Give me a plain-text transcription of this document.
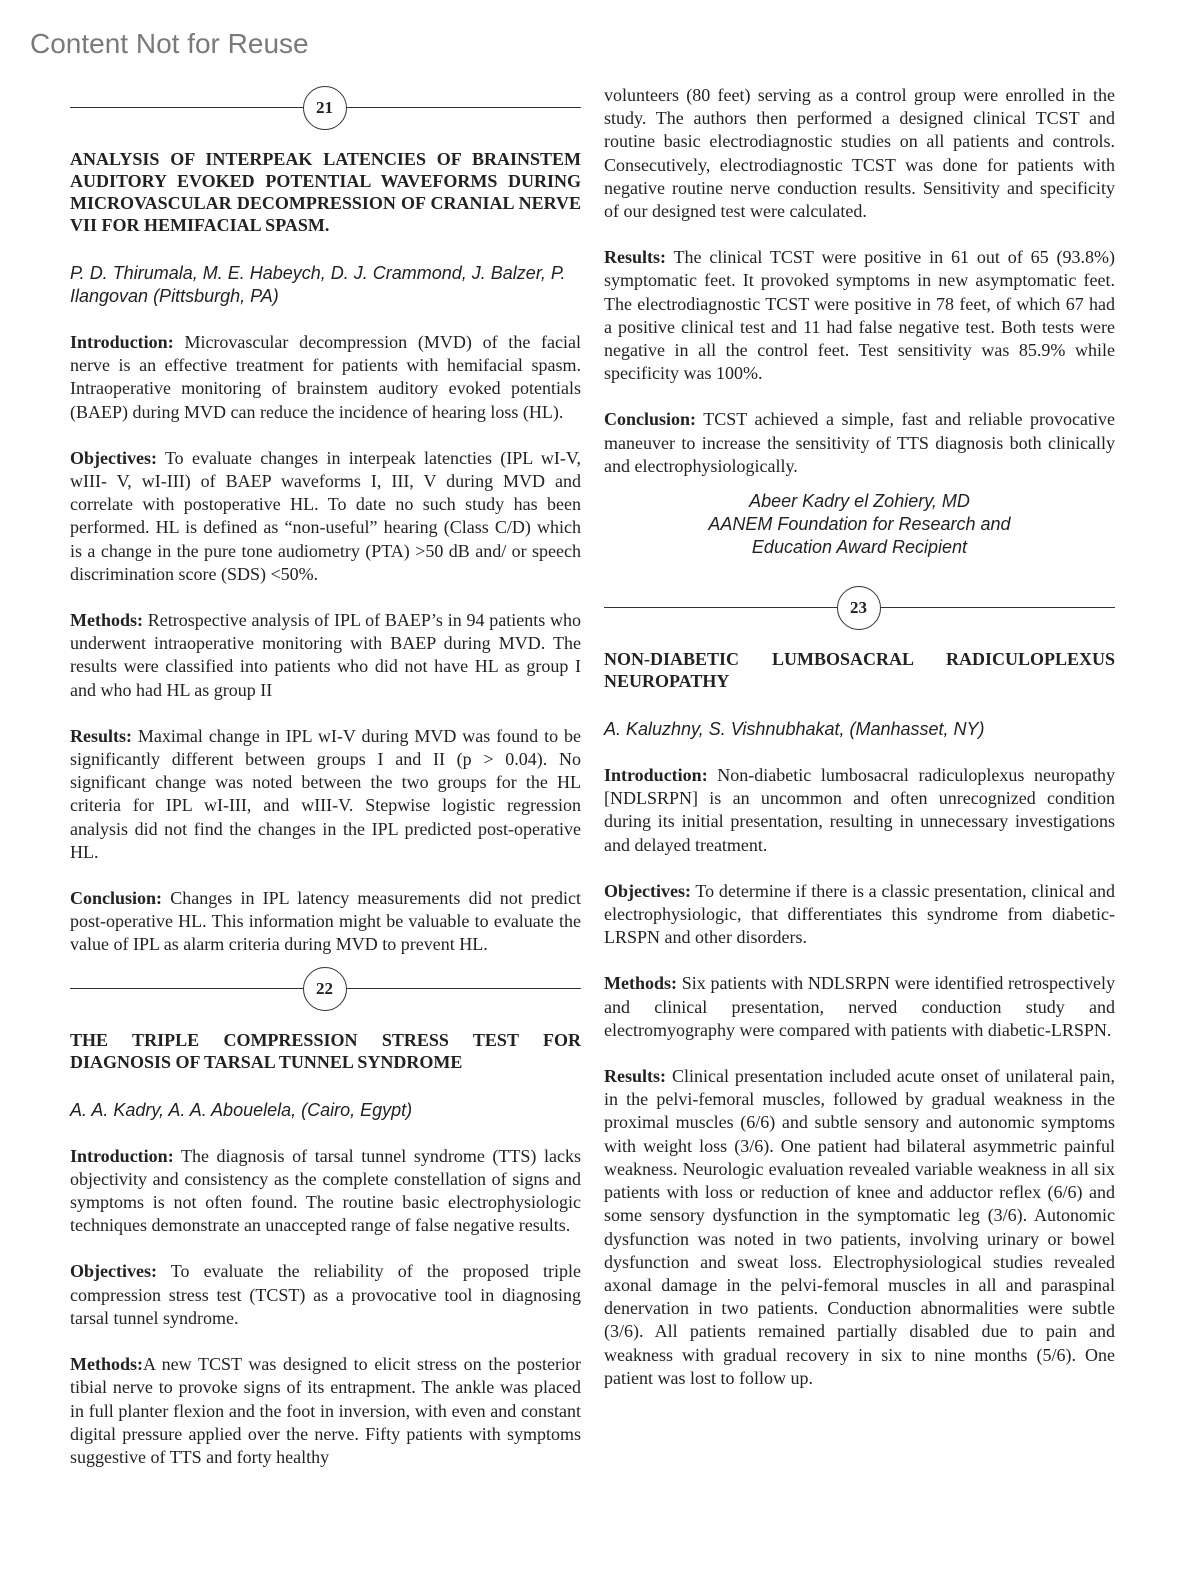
Content Not for Reuse
21
ANALYSIS OF INTERPEAK LATENCIES OF BRAINSTEM AUDITORY EVOKED POTENTIAL WAVEFORMS DURING MICROVASCULAR DECOMPRESSION OF CRANIAL NERVE VII FOR HEMIFACIAL SPASM.
P. D. Thirumala, M. E. Habeych, D. J. Crammond, J. Balzer, P. Ilangovan (Pittsburgh, PA)

Introduction: Microvascular decompression (MVD) of the facial nerve is an effective treatment for patients with hemifacial spasm. Intraoperative monitoring of brainstem auditory evoked potentials (BAEP) during MVD can reduce the incidence of hearing loss (HL).

Objectives: To evaluate changes in interpeak latencties (IPL wI-V, wIII- V, wI-III) of BAEP waveforms I, III, V during MVD and correlate with postoperative HL. To date no such study has been performed. HL is defined as “non-useful” hearing (Class C/D) which is a change in the pure tone audiometry (PTA) >50 dB and/ or speech discrimination score (SDS) <50%.

Methods: Retrospective analysis of IPL of BAEP’s in 94 patients who underwent intraoperative monitoring with BAEP during MVD. The results were classified into patients who did not have HL as group I and who had HL as group II

Results: Maximal change in IPL wI-V during MVD was found to be significantly different between groups I and II (p > 0.04). No significant change was noted between the two groups for the HL criteria for IPL wI-III, and wIII-V. Stepwise logistic regression analysis did not find the changes in the IPL predicted post-operative HL.

Conclusion: Changes in IPL latency measurements did not predict post-operative HL. This information might be valuable to evaluate the value of IPL as alarm criteria during MVD to prevent HL.

22
THE TRIPLE COMPRESSION STRESS TEST FOR DIAGNOSIS OF TARSAL TUNNEL SYNDROME
A. A. Kadry, A. A. Abouelela, (Cairo, Egypt)

Introduction: The diagnosis of tarsal tunnel syndrome (TTS) lacks objectivity and consistency as the complete constellation of signs and symptoms is not often found. The routine basic electrophysiologic techniques demonstrate an unaccepted range of false negative results.

Objectives: To evaluate the reliability of the proposed triple compression stress test (TCST) as a provocative tool in diagnosing tarsal tunnel syndrome.

Methods:A new TCST was designed to elicit stress on the posterior tibial nerve to provoke signs of its entrapment. The ankle was placed in full planter flexion and the foot in inversion, with even and constant digital pressure applied over the nerve. Fifty patients with symptoms suggestive of TTS and forty healthy

volunteers (80 feet) serving as a control group were enrolled in the study. The authors then performed a designed clinical TCST and routine basic electrodiagnostic studies on all patients and controls. Consecutively, electrodiagnostic TCST was done for patients with negative routine nerve conduction results. Sensitivity and specificity of our designed test were calculated.

Results: The clinical TCST were positive in 61 out of 65 (93.8%) symptomatic feet. It provoked symptoms in new asymptomatic feet. The electrodiagnostic TCST were positive in 78 feet, of which 67 had a positive clinical test and 11 had false negative test. Both tests were negative in all the control feet. Test sensitivity was 85.9% while specificity was 100%.

Conclusion: TCST achieved a simple, fast and reliable provocative maneuver to increase the sensitivity of TTS diagnosis both clinically and electrophysiologically.

Abeer Kadry el Zohiery, MD
AANEM Foundation for Research and
Education Award Recipient
23
NON-DIABETIC LUMBOSACRAL RADICULOPLEXUS NEUROPATHY
A. Kaluzhny, S. Vishnubhakat, (Manhasset, NY)

Introduction: Non-diabetic lumbosacral radiculoplexus neuropathy [NDLSRPN] is an uncommon and often unrecognized condition during its initial presentation, resulting in unnecessary investigations and delayed treatment.

Objectives: To determine if there is a classic presentation, clinical and electrophysiologic, that differentiates this syndrome from diabetic-LRSPN and other disorders.

Methods: Six patients with NDLSRPN were identified retrospectively and clinical presentation, nerved conduction study and electromyography were compared with patients with diabetic-LRSPN.

Results: Clinical presentation included acute onset of unilateral pain, in the pelvi-femoral muscles, followed by gradual weakness in the proximal muscles (6/6) and subtle sensory and autonomic symptoms with weight loss (3/6). One patient had bilateral asymmetric painful weakness. Neurologic evaluation revealed variable weakness in all six patients with loss or reduction of knee and adductor reflex (6/6) and some sensory dysfunction in the symptomatic leg (3/6). Autonomic dysfunction was noted in two patients, involving urinary or bowel dysfunction and sweat loss. Electrophysiological studies revealed axonal damage in the pelvi-femoral muscles in all and paraspinal denervation in two patients. Conduction abnormalities were subtle (3/6). All patients remained partially disabled due to pain and weakness with gradual recovery in six to nine months (5/6). One patient was lost to follow up.
